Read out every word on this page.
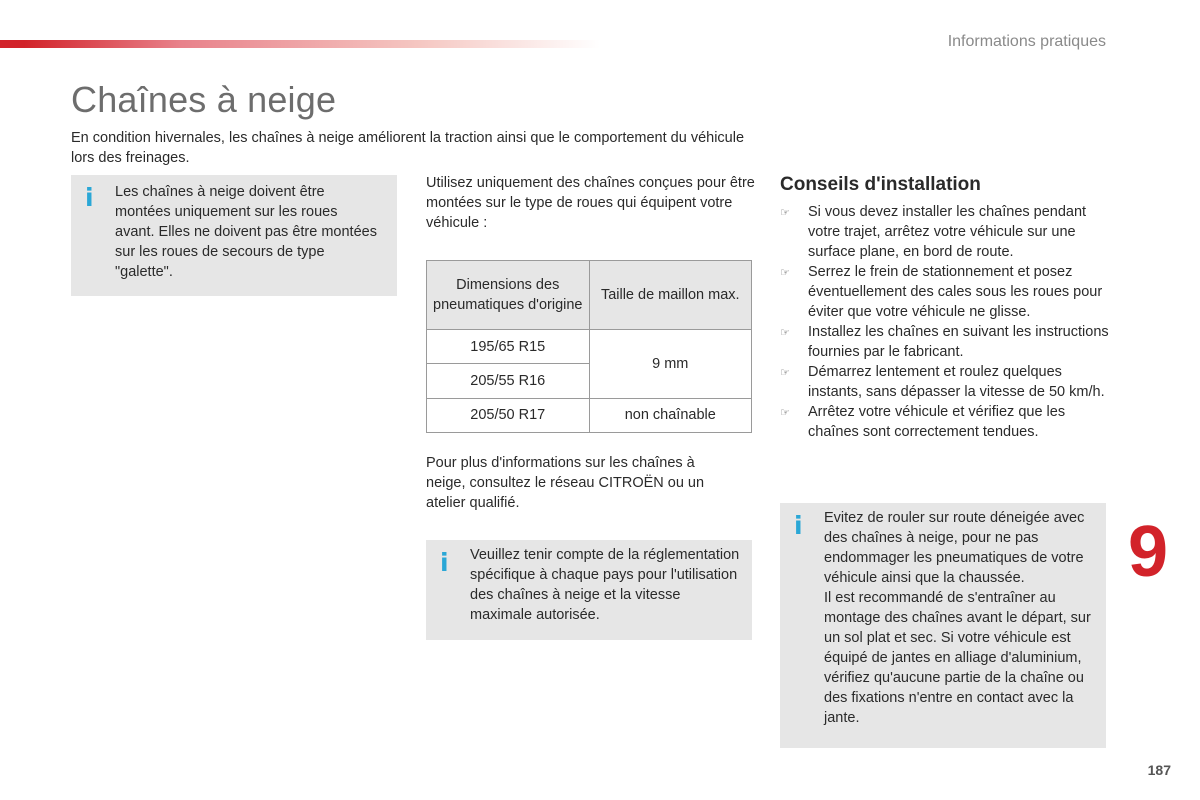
Informations pratiques
Chaînes à neige

En condition hivernales, les chaînes à neige améliorent la traction ainsi que le comportement du véhicule lors des freinages.

i Les chaînes à neige doivent être montées uniquement sur les roues avant. Elles ne doivent pas être montées sur les roues de secours de type "galette".

Utilisez uniquement des chaînes conçues pour être montées sur le type de roues qui équipent votre véhicule :

Dimensions des pneumatiques d'origine	Taille de maillon max.
195/65 R15	9 mm
205/55 R16	
205/50 R17	non chaînable

Pour plus d'informations sur les chaînes à neige, consultez le réseau CITROËN ou un atelier qualifié.

i Veuillez tenir compte de la réglementation spécifique à chaque pays pour l'utilisation des chaînes à neige et la vitesse maximale autorisée.

Conseils d'installation
☞ Si vous devez installer les chaînes pendant votre trajet, arrêtez votre véhicule sur une surface plane, en bord de route.
☞ Serrez le frein de stationnement et posez éventuellement des cales sous les roues pour éviter que votre véhicule ne glisse.
☞ Installez les chaînes en suivant les instructions fournies par le fabricant.
☞ Démarrez lentement et roulez quelques instants, sans dépasser la vitesse de 50 km/h.
☞ Arrêtez votre véhicule et vérifiez que les chaînes sont correctement tendues.
i Evitez de rouler sur route déneigée avec des chaînes à neige, pour ne pas endommager les pneumatiques de votre véhicule ainsi que la chaussée.
Il est recommandé de s'entraîner au montage des chaînes avant le départ, sur un sol plat et sec. Si votre véhicule est équipé de jantes en alliage d'aluminium, vérifiez qu'aucune partie de la chaîne ou des fixations n'entre en contact avec la jante.

9
187
